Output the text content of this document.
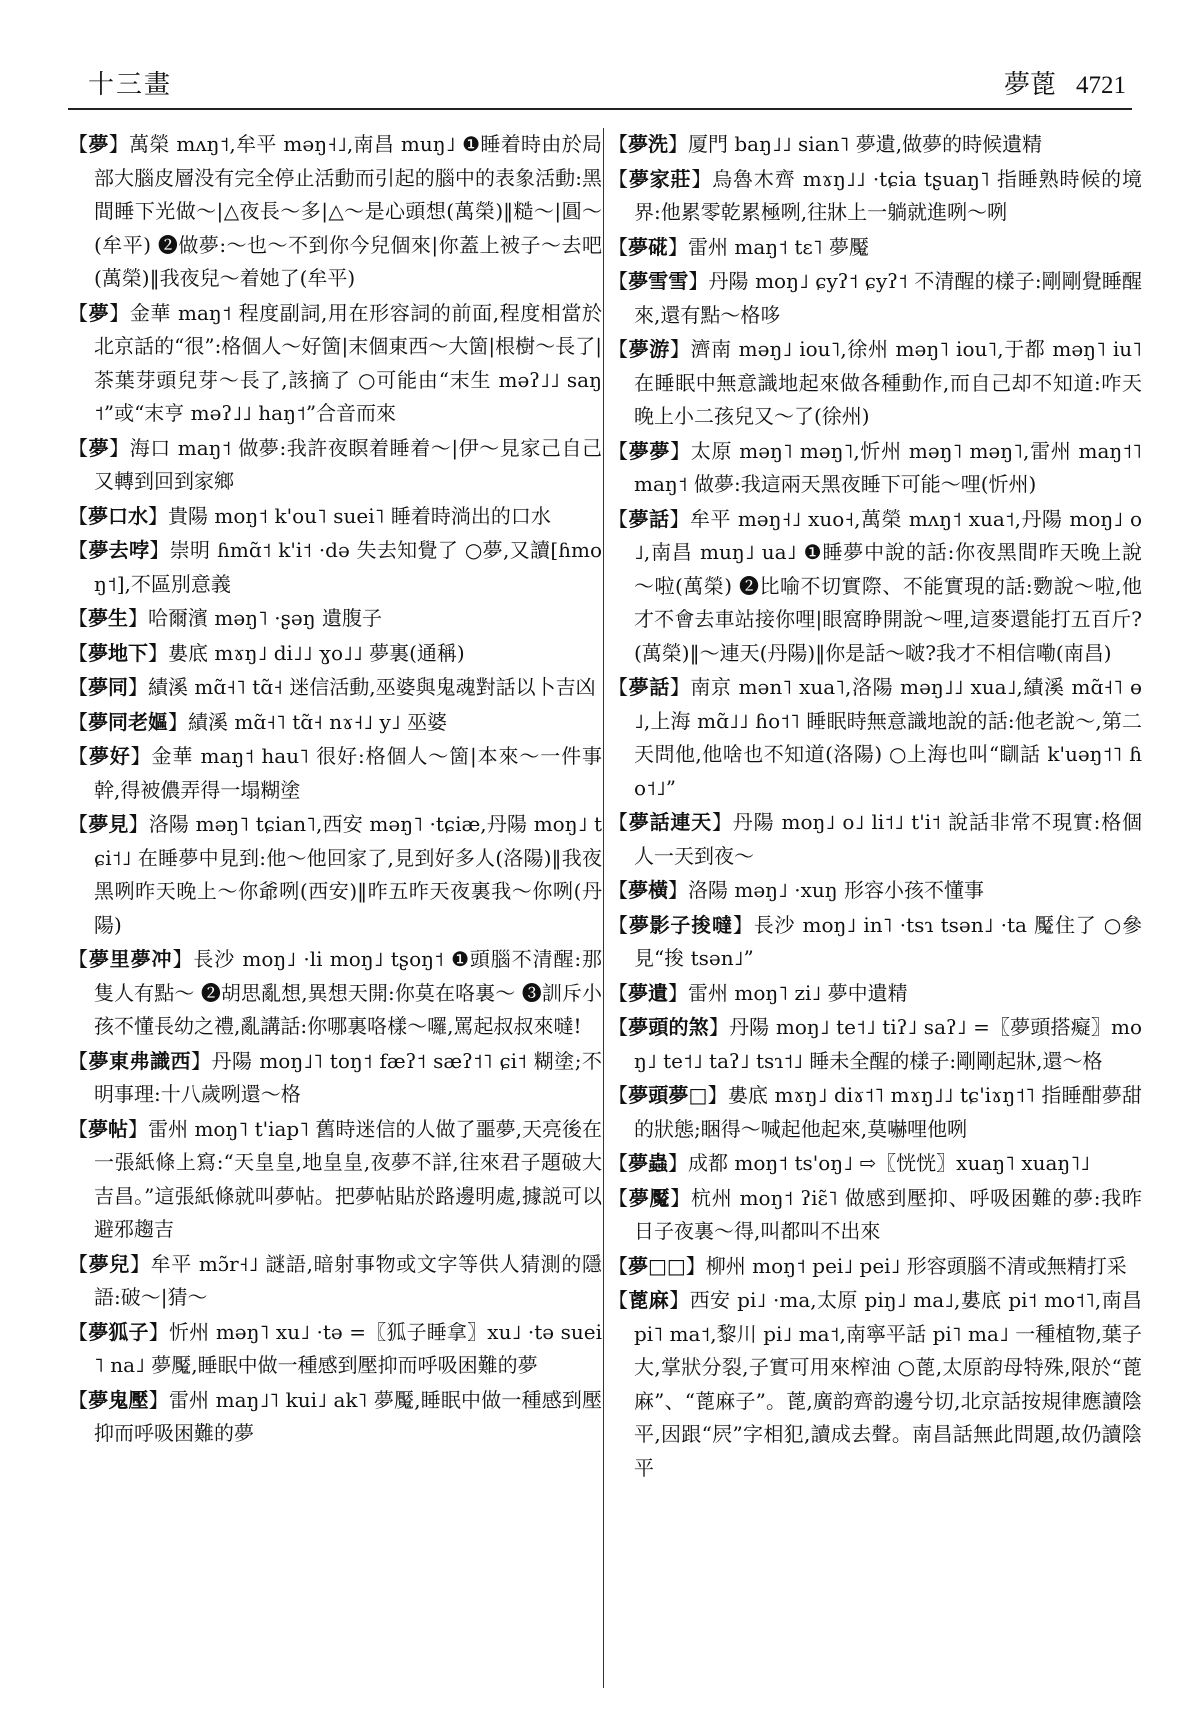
十三畫	夢蓖 4721

【 夢 】 萬榮 mʌŋ˦,牟平 məŋ˧˩,南昌 muŋ˩ ❶睡着時由於局部大腦皮層没有完全停止活動而引起的腦中的表象活動:黑間睡下光做～|△夜長～多|△～是心頭想(萬榮)‖糙～|圓～(牟平) ❷做夢:～也～不到你今兒個來|你蓋上被子～去吧(萬榮)‖我夜兒～着她了(牟平)

【 夢 】 金華 maŋ˦ 程度副詞,用在形容詞的前面,程度相當於北京話的“很”:格個人～好箇|末個東西～大箇|根樹～長了|茶葉芽頭兒芽～長了,該摘了 ○可能由“末生 məʔ˩˩ saŋ˦”或“末亨 məʔ˩˩ haŋ˦”合音而來

【 夢 】 海口 maŋ˦ 做夢:我許夜瞑着睡着～|伊～見家己自己又轉到回到家鄉

【 夢口水 】 貴陽 moŋ˦ k'ou˥ suei˥ 睡着時淌出的口水

【 夢去哱 】 崇明 ɦmɑ̃˦ k'i˦ ·də 失去知覺了 ○夢,又讀[ɦmoŋ˦],不區別意義

【 夢生 】 哈爾濱 məŋ˥ ·ʂəŋ 遺腹子

【 夢地下 】 婁底 mɤŋ˩ di˩˩ ɣo˩˩ 夢裏(通稱)

【 夢同 】 績溪 mɑ̃˧˥ tɑ̃˧ 迷信活動,巫婆與鬼魂對話以卜吉凶

【 夢同老嫗 】 績溪 mɑ̃˧˥ tɑ̃˧ nɤ˧˩ y˩ 巫婆

【 夢好 】 金華 maŋ˦ hau˥ 很好:格個人～箇|本來～一件事幹,得被儂弄得一塌糊塗

【 夢見 】 洛陽 məŋ˥ tɕian˥,西安 məŋ˥ ·tɕiæ,丹陽 moŋ˩ tɕi˦˩ 在睡夢中見到:他～他回家了,見到好多人(洛陽)‖我夜黑咧昨天晚上～你爺咧(西安)‖昨五昨天夜裏我～你咧(丹陽)

【 夢里夢冲 】 長沙 moŋ˩ ·li moŋ˩ tʂoŋ˦ ❶頭腦不清醒:那隻人有點～ ❷胡思亂想,異想天開:你莫在咯裏～ ❸訓斥小孩不懂長幼之禮,亂講話:你哪裏咯樣～囉,罵起叔叔來噠!

【 夢東弗識西 】 丹陽 moŋ˩˥ toŋ˦ fæʔ˦ sæʔ˦˥ ɕi˦ 糊塗;不明事理:十八歲咧還～格

【 夢帖 】 雷州 moŋ˥ t'iap˥ 舊時迷信的人做了噩夢,天亮後在一張紙條上寫:“天皇皇,地皇皇,夜夢不詳,往來君子題破大吉昌。”這張紙條就叫夢帖。把夢帖貼於路邊明處,據説可以避邪趨吉

【 夢兒 】 牟平 mɔ̃r˧˩ 謎語,暗射事物或文字等供人猜測的隱語:破～|猜～

【 夢狐子 】 忻州 məŋ˥ xu˩ ·tə =〖狐子睡拿〗xu˩ ·tə suei˥ na˩ 夢魘,睡眠中做一種感到壓抑而呼吸困難的夢

【 夢鬼壓 】 雷州 maŋ˩˥ kui˩ ak˥ 夢魘,睡眠中做一種感到壓抑而呼吸困難的夢

【 夢洗 】 厦門 baŋ˩˩ sian˥ 夢遺,做夢的時候遺精

【 夢家莊 】 烏魯木齊 mɤŋ˩˩ ·tɕia tʂuaŋ˥ 指睡熟時候的境界:他累零乾累極咧,往牀上一躺就進咧～咧

【 夢硴 】 雷州 maŋ˦ tɛ˥ 夢魘

【 夢雪雪 】 丹陽 moŋ˩ ɕyʔ˦ ɕyʔ˦ 不清醒的樣子:剛剛覺睡醒來,還有點～格哆

【 夢游 】 濟南 məŋ˩ iou˥,徐州 məŋ˥ iou˥,于都 məŋ˥ iu˥ 在睡眠中無意識地起來做各種動作,而自己却不知道:咋天晚上小二孩兒又～了(徐州)

【 夢夢 】 太原 məŋ˥ məŋ˥,忻州 məŋ˥ məŋ˥,雷州 maŋ˦˥ maŋ˦ 做夢:我這兩天黑夜睡下可能～哩(忻州)

【 夢話 】 牟平 məŋ˧˩ xuo˧,萬榮 mʌŋ˦ xua˦,丹陽 moŋ˩ o˩,南昌 muŋ˩ ua˩ ❶睡夢中說的話:你夜黑間昨天晚上說～啦(萬榮) ❷比喻不切實際、不能實現的話:覅說～啦,他才不會去車站接你哩|眼窩睁開說～哩,這麥還能打五百斤?(萬榮)‖～連天(丹陽)‖你是話～啵?我才不相信嘞(南昌)

【 夢話 】 南京 mən˥ xua˥,洛陽 məŋ˩˩ xua˩,績溪 mɑ̃˧˥ ɵ˩,上海 mɑ̃˩˩ ɦo˦˥ 睡眠時無意識地說的話:他老說～,第二天問他,他啥也不知道(洛陽) ○上海也叫“瞓話 k'uəŋ˦˥ ɦo˦˩”

【 夢話連天 】 丹陽 moŋ˩ o˩ li˦˩ t'i˦ 說話非常不現實:格個人一天到夜～

【 夢橫 】 洛陽 məŋ˩ ·xuŋ 形容小孩不懂事

【 夢影子捘噠 】 長沙 moŋ˩ in˥ ·tsɿ tsən˩ ·ta 魘住了 ○參見“捘 tsən˩”

【 夢遺 】 雷州 moŋ˥ zi˩ 夢中遺精

【 夢頭的煞 】 丹陽 moŋ˩ te˦˩ tiʔ˩ saʔ˩ =〖夢頭搭癡〗moŋ˩ te˦˩ taʔ˩ tsɿ˦˩ 睡未全醒的樣子:剛剛起牀,還～格

【 夢頭夢□ 】 婁底 mɤŋ˩ diɤ˦˥ mɤŋ˩˩ tɕ'iɤŋ˦˥ 指睡酣夢甜的狀態;睏得～喊起他起來,莫嚇哩他咧

【 夢蟲 】 成都 moŋ˦ ts'oŋ˩ ⇨〖恍恍〗xuaŋ˥ xuaŋ˥˩

【 夢魘 】 杭州 moŋ˦ ʔiɛ̃˥ 做感到壓抑、呼吸困難的夢:我昨日子夜裏～得,叫都叫不出來

【 夢□□ 】 柳州 moŋ˦ pei˩ pei˩ 形容頭腦不清或無精打采

【 蓖麻 】 西安 pi˩ ·ma,太原 piŋ˩ ma˩,婁底 pi˦ mo˦˥,南昌 pi˥ ma˦,黎川 pi˩ ma˦,南寧平話 pi˥ ma˩ 一種植物,葉子大,掌狀分裂,子實可用來榨油 ○蓖,太原韵母特殊,限於“蓖麻”、“蓖麻子”。蓖,廣韵齊韵邊兮切,北京話按規律應讀陰平,因跟“屄”字相犯,讀成去聲。南昌話無此問題,故仍讀陰平
